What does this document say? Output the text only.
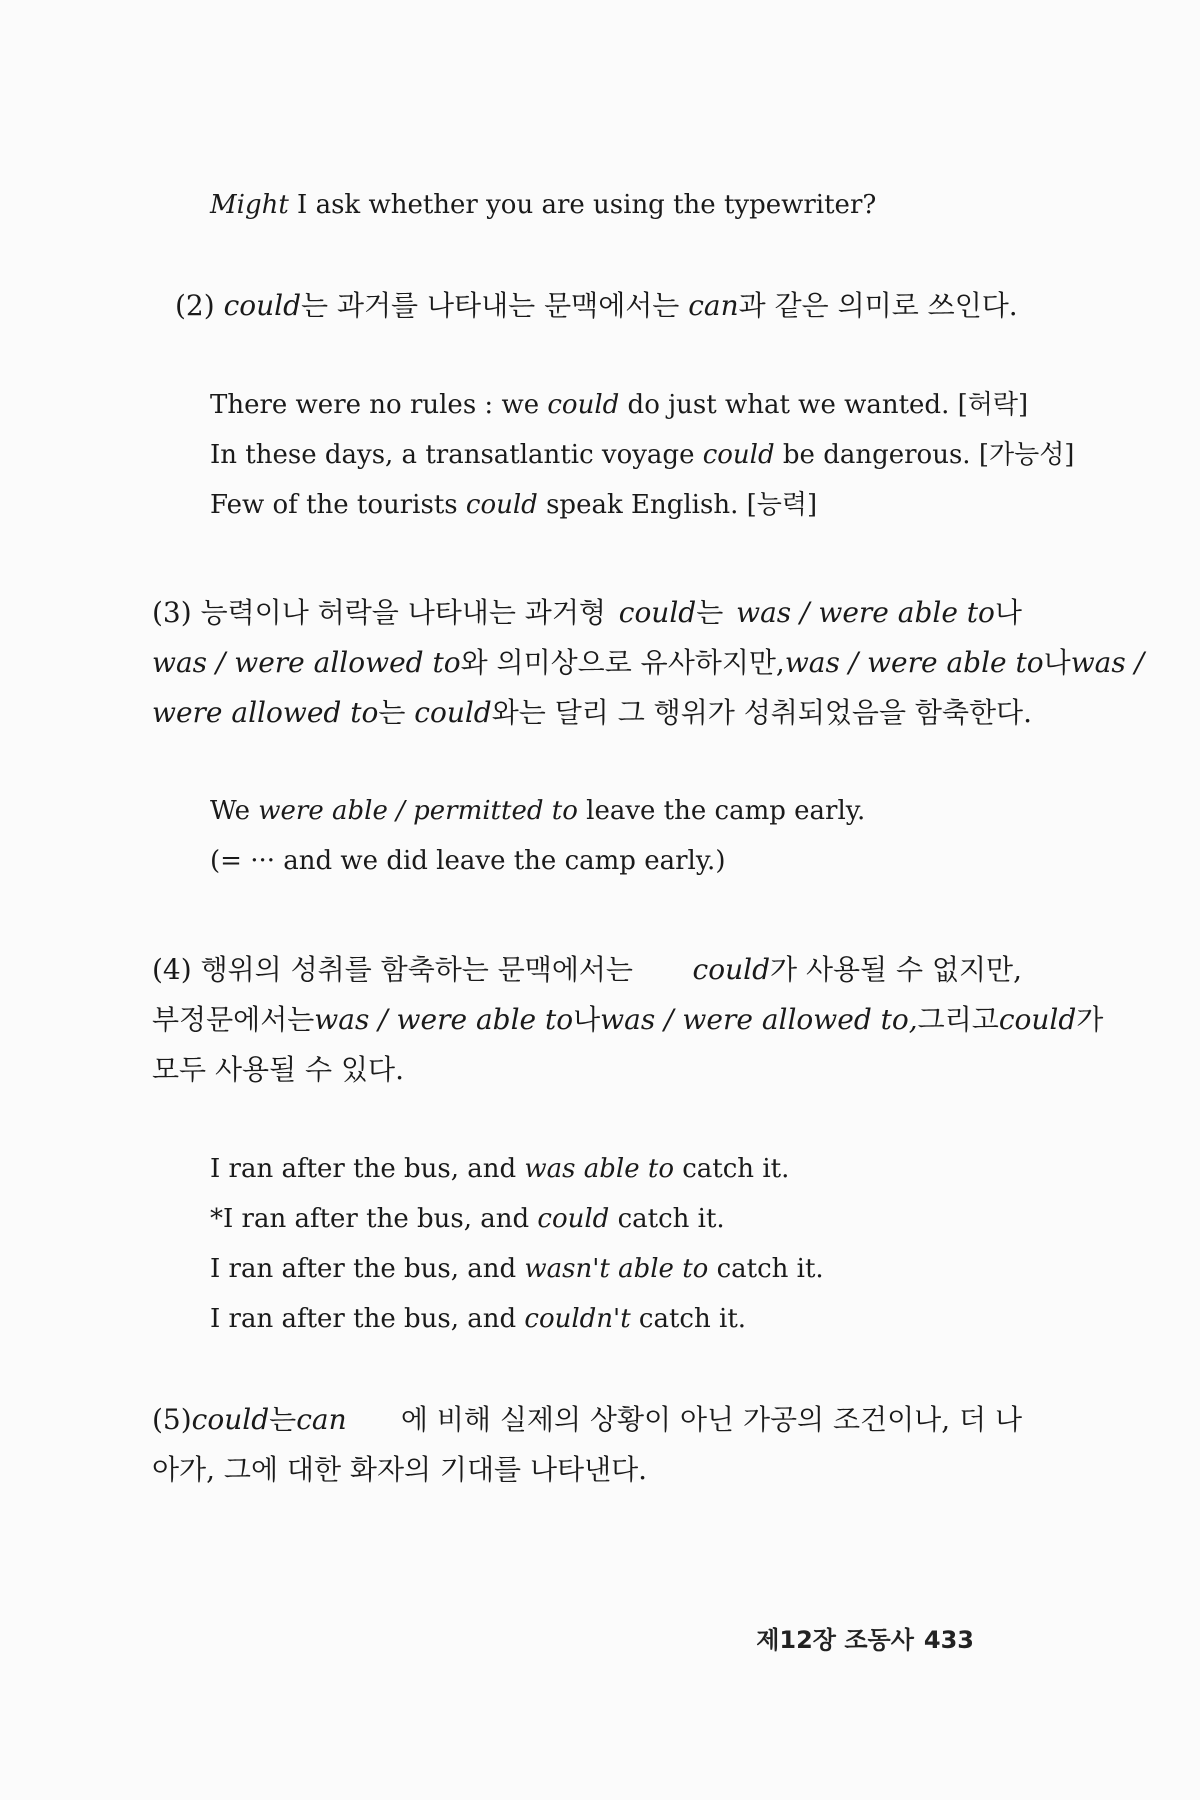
Might I ask whether you are using the typewriter?
(2) could는 과거를 나타내는 문맥에서는 can과 같은 의미로 쓰인다.
There were no rules : we could do just what we wanted. [허락]
In these days, a transatlantic voyage could be dangerous. [가능성]
Few of the tourists could speak English. [능력]
(3) 능력이나 허락을 나타내는 과거형 could는 was / were able to나
was / were allowed to와 의미상으로 유사하지만, was / were able to나 was /
were allowed to는 could와는 달리 그 행위가 성취되었음을 함축한다.
We were able / permitted to leave the camp early.
(= ··· and we did leave the camp early.)
(4) 행위의 성취를 함축하는 문맥에서는 could가 사용될 수 없지만,
부정문에서는 was / were able to나 was / were allowed to,그리고 could가
모두 사용될 수 있다.
I ran after the bus, and was able to catch it.
*I ran after the bus, and could catch it.
I ran after the bus, and wasn't able to catch it.
I ran after the bus, and couldn't catch it.
(5)could는can 에 비해 실제의 상황이 아닌 가공의 조건이나, 더 나
아가, 그에 대한 화자의 기대를 나타낸다.
제12장 조동사 433
